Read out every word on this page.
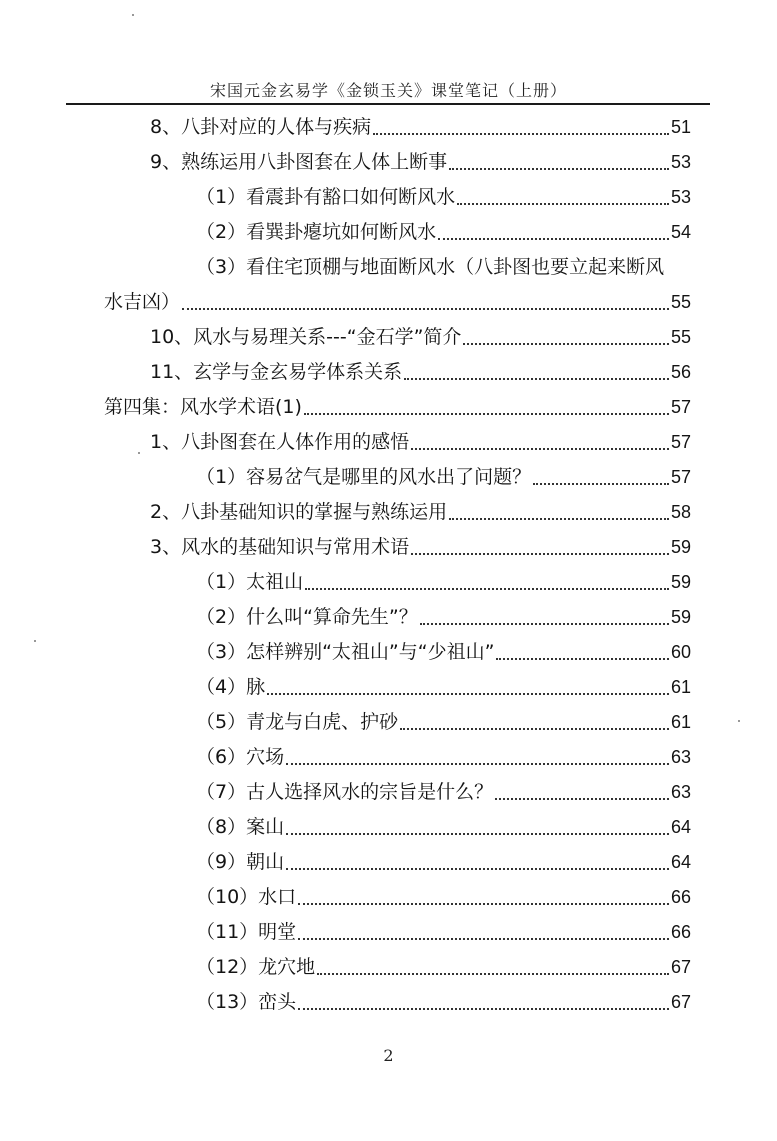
宋国元金玄易学《金锁玉关》课堂笔记（上册）
8、八卦对应的人体与疾病	51
9、熟练运用八卦图套在人体上断事	53
（1）看震卦有豁口如何断风水	53
（2）看巽卦瘪坑如何断风水	54
（3）看住宅顶棚与地面断风水（八卦图也要立起来断风
水吉凶）	55
10、风水与易理关系---“金石学”简介	55
11、玄学与金玄易学体系关系	56
第四集：风水学术语(1)	57
1、八卦图套在人体作用的感悟	57
（1）容易岔气是哪里的风水出了问题？	57
2、八卦基础知识的掌握与熟练运用	58
3、风水的基础知识与常用术语	59
（1）太祖山	59
（2）什么叫“算命先生”？	59
（3）怎样辨别“太祖山”与“少祖山”	60
（4）脉	61
（5）青龙与白虎、护砂	61
（6）穴场	63
（7）古人选择风水的宗旨是什么？	63
（8）案山	64
（9）朝山	64
（10）水口	66
（11）明堂	66
（12）龙穴地	67
（13）峦头	67
2
